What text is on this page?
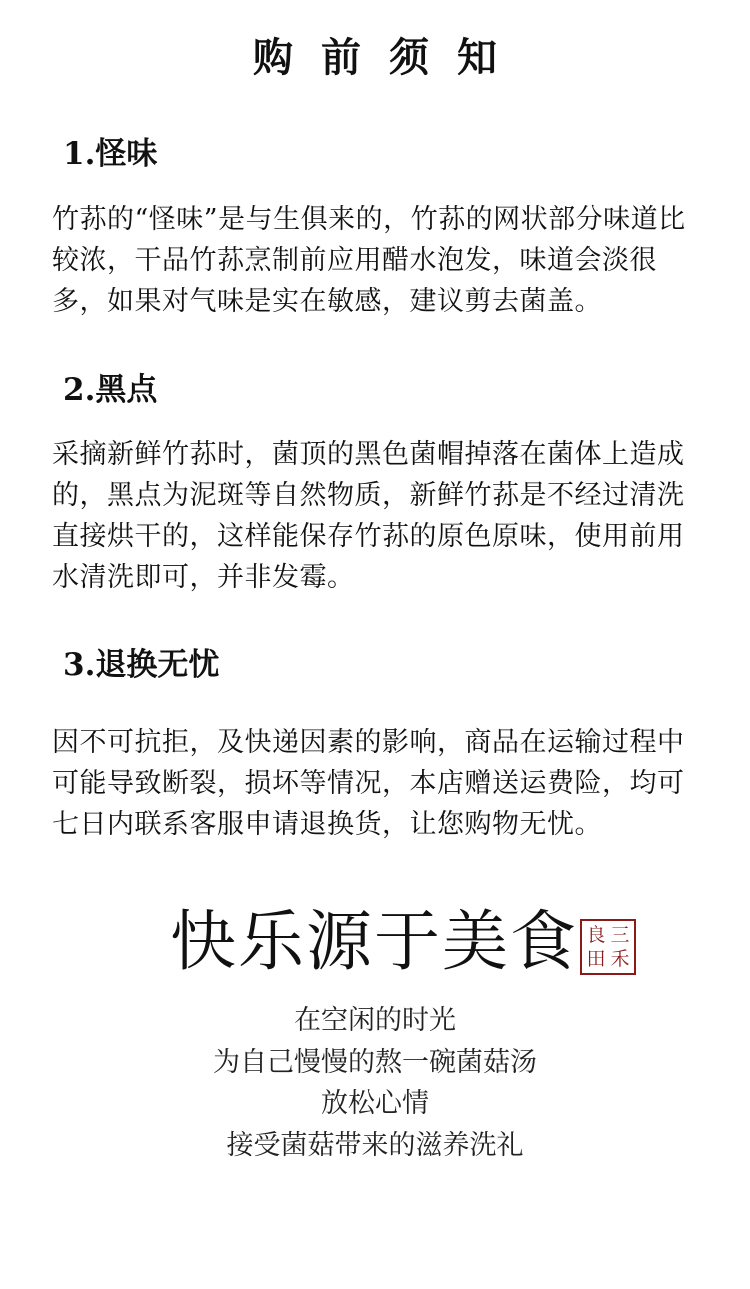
购前须知
1.怪味
竹荪的“怪味”是与生俱来的，竹荪的网状部分味道比较浓，干品竹荪烹制前应用醋水泡发，味道会淡很多，如果对气味是实在敏感，建议剪去菌盖。
2.黑点
采摘新鲜竹荪时，菌顶的黑色菌帽掉落在菌体上造成的，黑点为泥斑等自然物质，新鲜竹荪是不经过清洗直接烘干的，这样能保存竹荪的原色原味，使用前用水清洗即可，并非发霉。
3.退换无忧
因不可抗拒，及快递因素的影响，商品在运输过程中可能导致断裂，损坏等情况，本店赠送运费险，均可七日内联系客服申请退换货，让您购物无忧。
快乐源于美食 良 三
田 禾
在空闲的时光
为自己慢慢的熬一碗菌菇汤
放松心情
接受菌菇带来的滋养洗礼
